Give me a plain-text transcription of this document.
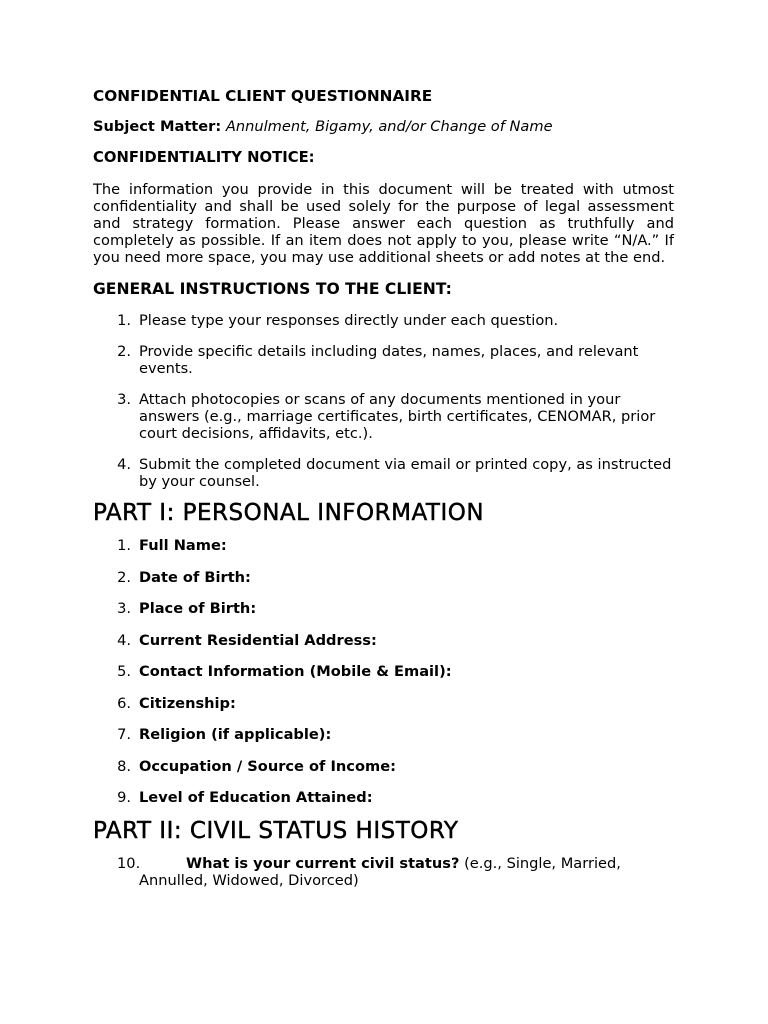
CONFIDENTIAL CLIENT QUESTIONNAIRE
Subject Matter: Annulment, Bigamy, and/or Change of Name
CONFIDENTIALITY NOTICE:
The information you provide in this document will be treated with utmost confidentiality and shall be used solely for the purpose of legal assessment and strategy formation. Please answer each question as truthfully and completely as possible. If an item does not apply to you, please write “N/A.” If you need more space, you may use additional sheets or add notes at the end.
GENERAL INSTRUCTIONS TO THE CLIENT:
1. Please type your responses directly under each question.
2. Provide specific details including dates, names, places, and relevant events.
3. Attach photocopies or scans of any documents mentioned in your answers (e.g., marriage certificates, birth certificates, CENOMAR, prior court decisions, affidavits, etc.).
4. Submit the completed document via email or printed copy, as instructed by your counsel.
PART I: PERSONAL INFORMATION
1. Full Name:
2. Date of Birth:
3. Place of Birth:
4. Current Residential Address:
5. Contact Information (Mobile & Email):
6. Citizenship:
7. Religion (if applicable):
8. Occupation / Source of Income:
9. Level of Education Attained:
PART II: CIVIL STATUS HISTORY
10.	What is your current civil status? (e.g., Single, Married,
Annulled, Widowed, Divorced)
